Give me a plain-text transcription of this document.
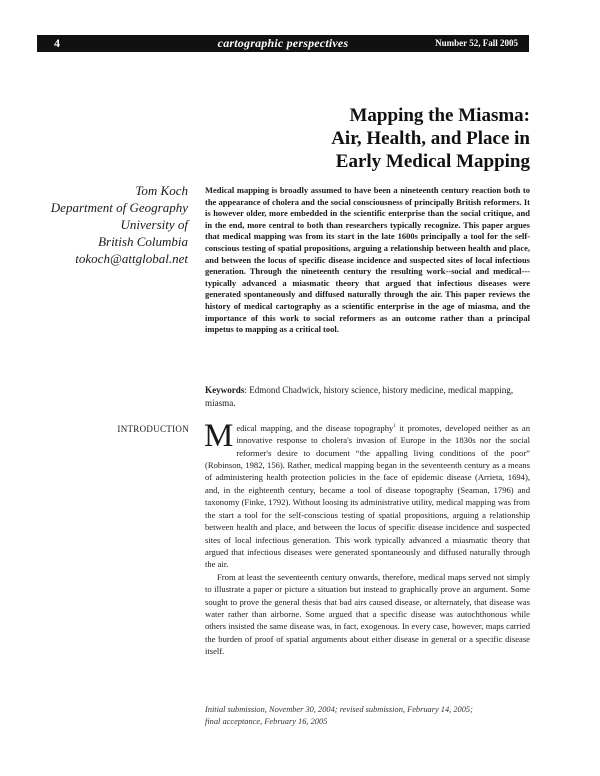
4	cartographic perspectives	Number 52, Fall 2005
Mapping the Miasma:
Air, Health, and Place in
Early Medical Mapping
Tom Koch
Department of Geography
University of
British Columbia
tokoch@attglobal.net
Medical mapping is broadly assumed to have been a nineteenth century reaction both to the appearance of cholera and the social consciousness of principally British reformers. It is however older, more embedded in the scientific enterprise than the social critique, and in the end, more central to both than researchers typically recognize. This paper argues that medical mapping was from its start in the late 1600s principally a tool for the self-conscious testing of spatial propositions, arguing a relationship between health and place, and between the locus of specific disease incidence and suspected sites of local infectious generation. Through the nineteenth century the resulting work--social and medical---typically advanced a miasmatic theory that argued that infectious diseases were generated spontaneously and diffused naturally through the air. This paper reviews the history of medical cartography as a scientific enterprise in the age of miasma, and the importance of this work to social reformers as an outcome rather than a principal impetus to mapping as a critical tool.
Keywords: Edmond Chadwick, history science, history medicine, medical mapping, miasma.
INTRODUCTION Medical mapping, and the disease topography$^1$ it promotes, developed neither as an innovative response to cholera's invasion of Europe in the 1830s nor the social reformer's desire to document “the appalling living conditions of the poor” (Robinson, 1982, 156). Rather, medical mapping began in the seventeenth century as a means of administering health protection policies in the face of epidemic disease (Arrieta, 1694), and, in the eighteenth century, became a tool of disease topography (Seaman, 1796) and taxonomy (Finke, 1792). Without loosing its administrative utility, medical mapping was from the start a tool for the self-conscious testing of spatial propositions, arguing a relationship between health and place, and between the locus of specific disease incidence and suspected sites of local infectious generation. This work typically advanced a miasmatic theory that argued that infectious diseases were generated spontaneously and diffused naturally through the air.

From at least the seventeenth century onwards, therefore, medical maps served not simply to illustrate a paper or picture a situation but instead to graphically prove an argument. Some sought to prove the general thesis that bad airs caused disease, or alternately, that disease was water rather than airborne. Some argued that a specific disease was autochthonous while others insisted the same disease was, in fact, exogenous. In every case, however, maps carried the burden of proof of spatial arguments about either disease in general or a specific disease itself.

Initial submission, November 30, 2004; revised submission, February 14, 2005;
final acceptance, February 16, 2005
